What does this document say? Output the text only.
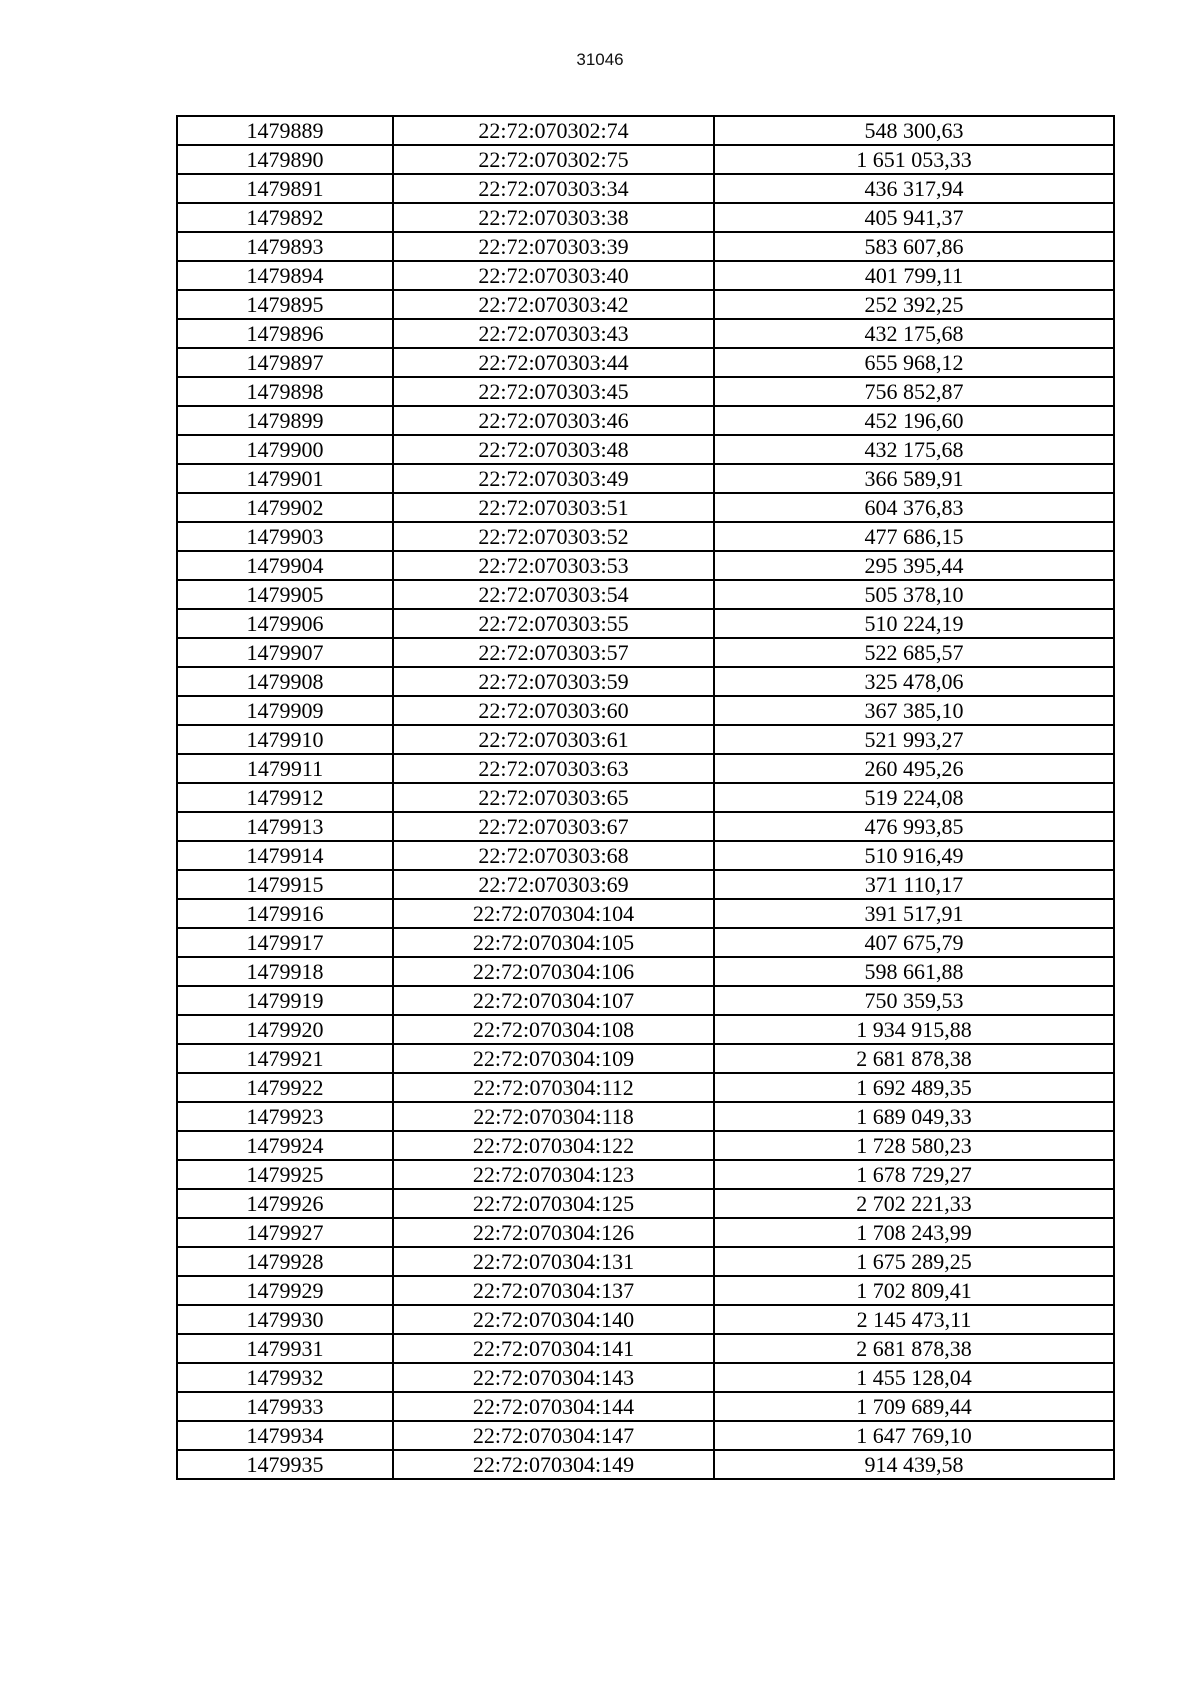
31046
1479889	22:72:070302:74	548 300,63
1479890	22:72:070302:75	1 651 053,33
1479891	22:72:070303:34	436 317,94
1479892	22:72:070303:38	405 941,37
1479893	22:72:070303:39	583 607,86
1479894	22:72:070303:40	401 799,11
1479895	22:72:070303:42	252 392,25
1479896	22:72:070303:43	432 175,68
1479897	22:72:070303:44	655 968,12
1479898	22:72:070303:45	756 852,87
1479899	22:72:070303:46	452 196,60
1479900	22:72:070303:48	432 175,68
1479901	22:72:070303:49	366 589,91
1479902	22:72:070303:51	604 376,83
1479903	22:72:070303:52	477 686,15
1479904	22:72:070303:53	295 395,44
1479905	22:72:070303:54	505 378,10
1479906	22:72:070303:55	510 224,19
1479907	22:72:070303:57	522 685,57
1479908	22:72:070303:59	325 478,06
1479909	22:72:070303:60	367 385,10
1479910	22:72:070303:61	521 993,27
1479911	22:72:070303:63	260 495,26
1479912	22:72:070303:65	519 224,08
1479913	22:72:070303:67	476 993,85
1479914	22:72:070303:68	510 916,49
1479915	22:72:070303:69	371 110,17
1479916	22:72:070304:104	391 517,91
1479917	22:72:070304:105	407 675,79
1479918	22:72:070304:106	598 661,88
1479919	22:72:070304:107	750 359,53
1479920	22:72:070304:108	1 934 915,88
1479921	22:72:070304:109	2 681 878,38
1479922	22:72:070304:112	1 692 489,35
1479923	22:72:070304:118	1 689 049,33
1479924	22:72:070304:122	1 728 580,23
1479925	22:72:070304:123	1 678 729,27
1479926	22:72:070304:125	2 702 221,33
1479927	22:72:070304:126	1 708 243,99
1479928	22:72:070304:131	1 675 289,25
1479929	22:72:070304:137	1 702 809,41
1479930	22:72:070304:140	2 145 473,11
1479931	22:72:070304:141	2 681 878,38
1479932	22:72:070304:143	1 455 128,04
1479933	22:72:070304:144	1 709 689,44
1479934	22:72:070304:147	1 647 769,10
1479935	22:72:070304:149	914 439,58
